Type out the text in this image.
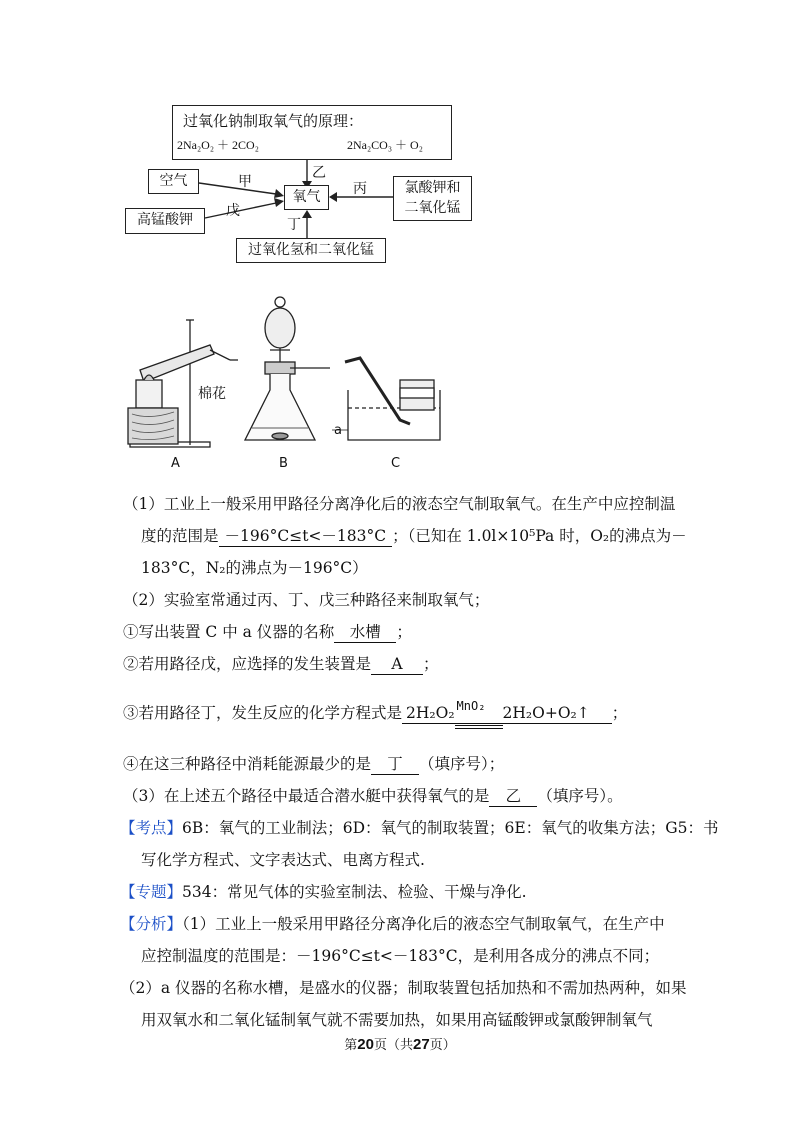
过氧化钠制取氧气的原理：
2Na₂O₂ ＋ 2CO₂	2Na₂CO₃ ＋ O₂
乙
甲
戊
丙
丁
氧气
空气
高锰酸钾
氯酸钾和
二氧化锰
过氧化氢和二氧化锰
棉花
a
A	B	C
（1）工业上一般采用甲路径分离净化后的液态空气制取氧气。在生产中应控制温
度的范围是 －196°C≤t<－183°C ；（已知在 1.0l×10⁵Pa 时，O₂的沸点为－
183°C，N₂的沸点为－196°C）
（2）实验室常通过丙、丁、戊三种路径来制取氧气；
①写出装置 C 中 a 仪器的名称 水槽 ；
②若用路径戊，应选择的发生装置是 A ；
③若用路径丁，发生反应的化学方程式是 2H₂O₂ MnO₂ 2H₂O+O₂↑ ；
④在这三种路径中消耗能源最少的是 丁 （填序号）；
（3）在上述五个路径中最适合潜水艇中获得氧气的是 乙 （填序号）。
【考点】6B：氧气的工业制法；6D：氧气的制取装置；6E：氧气的收集方法；G5：书
写化学方程式、文字表达式、电离方程式.
【专题】534：常见气体的实验室制法、检验、干燥与净化.
【分析】（1）工业上一般采用甲路径分离净化后的液态空气制取氧气，在生产中
应控制温度的范围是：－196°C≤t<－183°C，是利用各成分的沸点不同；
（2）a 仪器的名称水槽，是盛水的仪器；制取装置包括加热和不需加热两种，如果
用双氧水和二氧化锰制氧气就不需要加热，如果用高锰酸钾或氯酸钾制氧气
第20页（共27页）
